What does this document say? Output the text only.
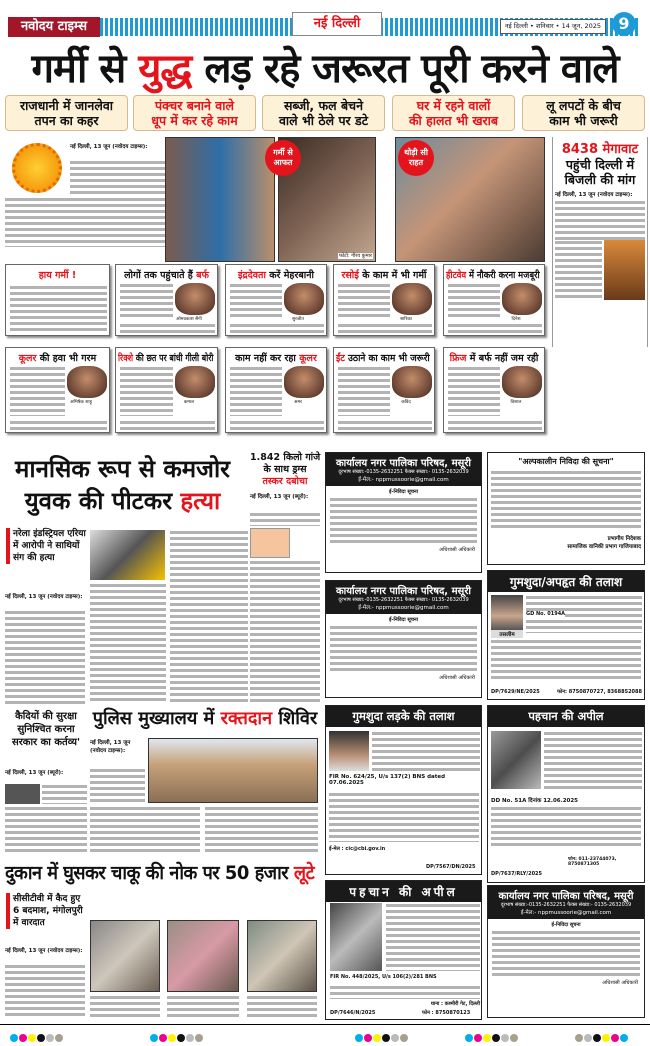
नवोदय टाइम्स	नई दिल्ली	नई दिल्ली • शनिवार • 14 जून, 2025	9
गर्मी से युद्ध लड़ रहे जरूरत पूरी करने वाले
नई दिल्ली, 13 जून (नवोदय टाइम्स):
फोटो: गौरव कुमार
गर्मी से आफत
थोड़ी सी राहत
8438 मेगावाट
पहुंची दिल्ली में बिजली की मांग
नई दिल्ली, 13 जून (नवोदय टाइम्स):
मानसिक रूप से कमजोर
युवक की पीटकर हत्या
नरेला इंडस्ट्रियल एरिया में आरोपी ने साथियों संग की हत्या
नई दिल्ली, 13 जून (नवोदय टाइम्स):
1.842 किलो गांजे
के साथ ड्रग्स
तस्कर दबोचा
नई दिल्ली, 13 जून (ब्यूरो):
कैदियों की सुरक्षा सुनिश्चित करना सरकार का कर्तव्य'
नई दिल्ली, 13 जून (ब्यूरो):
पुलिस मुख्यालय में रक्तदान शिविर
नई दिल्ली, 13 जून (नवोदय टाइम्स):
दुकान में घुसकर चाकू की नोक पर 50 हजार लूटे
सीसीटीवी में कैद हुए 6 बदमाश, मंगोलपुरी में वारदात
नई दिल्ली, 13 जून (नवोदय टाइम्स):
कार्यालय नगर पालिका परिषद, मसूरी
दूरभाष संख्या:-0135-2632251 फैक्स संख्या:- 0135-2632039
ई-मेल:- nppmussoorie@gmail.com
ई-निविदा सूचना
अधिशासी अधिकारी
कार्यालय नगर पालिका परिषद, मसूरी
दूरभाष संख्या:-0135-2632251 फैक्स संख्या:- 0135-2632039
ई-मेल:- nppmussoorie@gmail.com
ई-निविदा सूचना
अधिशासी अधिकारी
कार्यालय नगर पालिका परिषद, मसूरी
दूरभाष संख्या:-0135-2632251 फैक्स संख्या:- 0135-2632039
ई-मेल:- nppmussoorie@gmail.com
ई-निविदा सूचना
अधिशासी अधिकारी
"अल्पकालीन निविदा की सूचना"
प्रभागीय निदेशक
सामाजिक वानिकी प्रभाग गाजियाबाद
गुमशुदा/अपहृत की तलाश
तसलीम
GD No. 0194A
DP/7629/NE/2025	फोन: 8750870727, 8368852088
गुमशुदा लड़के की तलाश
FIR No. 624/25, U/s 137(2) BNS dated 07.06.2025
ई-मेल : cic@cbi.gov.in
DP/7567/DN/2025
पहचान की अपील
DD No. 51A दिनांक 12.06.2025
DP/7637/RLY/2025
फोन: 011-23744073, 8750871305
पहचान की अपील
FIR No. 448/2025, U/s 106(2)/281 BNS
थाना : कश्मीरी गेट, दिल्ली
DP/7646/N/2025	फोन : 8750870123
राजधानी में जानलेवा
तपन का कहर
पंक्चर बनाने वाले
धूप में कर रहे काम
सब्जी, फल बेचने
वाले भी ठेले पर डटे
घर में रहने वालों
की हालत भी खराब
लू लपटों के बीच
काम भी जरूरी
हाय गर्मी !	लोगों तक पहुंचाते हैं बर्फ
ओमप्रकाश सैनी
इंद्रदेवता करें मेहरबानी
सुरजीत
रसोई के काम में भी गर्मी
सारिका
हीटवेव में नौकरी करना मजबूरी
दिनेश
कूलर की हवा भी गरम
अभिषेक शाहू
रिक्शे की छत पर बांधी गीली बोरी
कमाल
काम नहीं कर रहा कूलर
अमर
ईंट उठाने का काम भी जरूरी
कविंद
फ्रिज में बर्फ नहीं जम रही
विशाल
